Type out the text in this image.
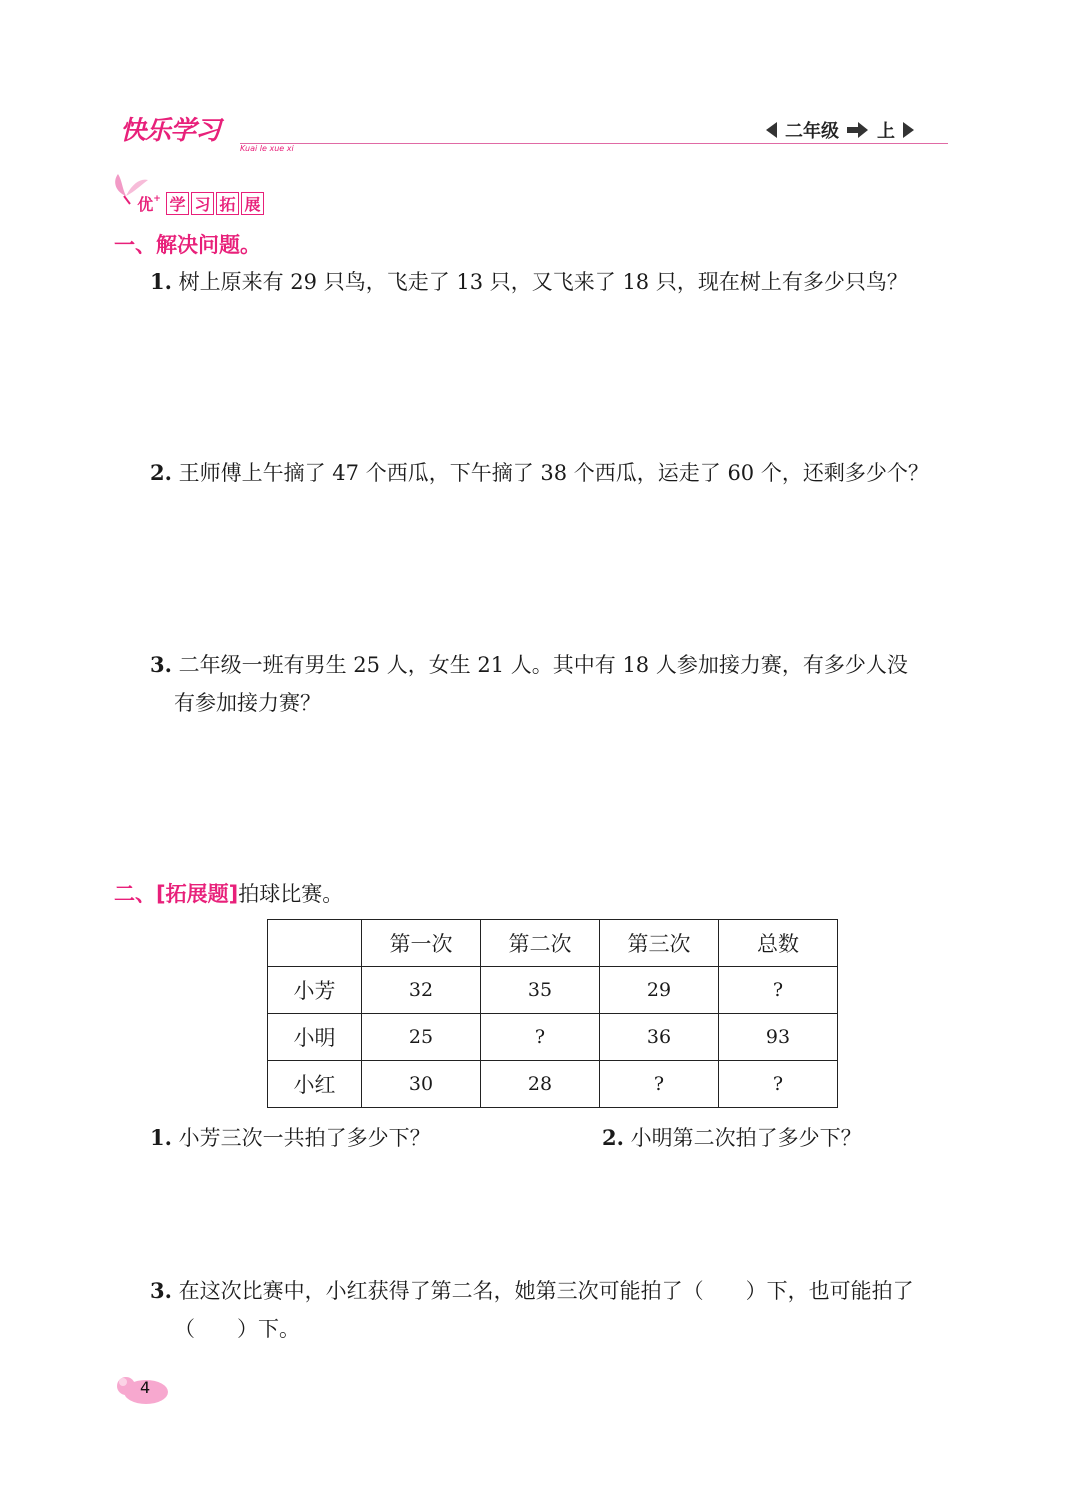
快乐学习
Kuai le xue xi
二年级 上
优+ 学 习 拓 展
一、解决问题。
1. 树上原来有 29 只鸟，飞走了 13 只，又飞来了 18 只，现在树上有多少只鸟？
2. 王师傅上午摘了 47 个西瓜，下午摘了 38 个西瓜，运走了 60 个，还剩多少个？
3. 二年级一班有男生 25 人，女生 21 人。其中有 18 人参加接力赛，有多少人没
有参加接力赛？
二、[拓展题]拍球比赛。
	第一次	第二次	第三次	总数
小芳	32	35	29	?
小明	25	?	36	93
小红	30	28	?	?
1. 小芳三次一共拍了多少下？	2. 小明第二次拍了多少下？
3. 在这次比赛中，小红获得了第二名，她第三次可能拍了（　　）下，也可能拍了
（　　）下。
4
